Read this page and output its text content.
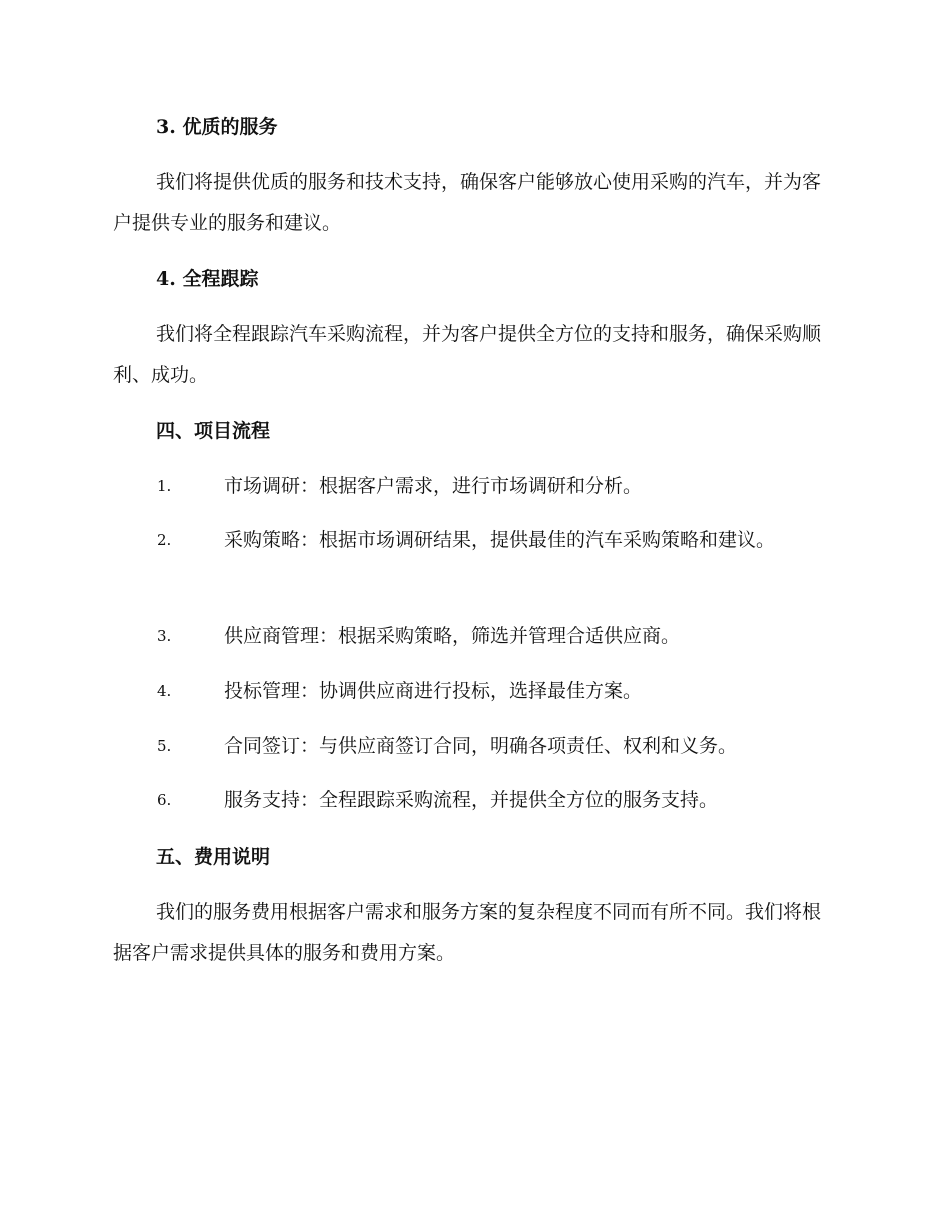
3. 优质的服务
我们将提供优质的服务和技术支持，确保客户能够放心使用采购的汽车，并为客户提供专业的服务和建议。
4. 全程跟踪
我们将全程跟踪汽车采购流程，并为客户提供全方位的支持和服务，确保采购顺利、成功。
四、项目流程
1.	市场调研：根据客户需求，进行市场调研和分析。
2.	采购策略：根据市场调研结果，提供最佳的汽车采购策略和建议。
3.	供应商管理：根据采购策略，筛选并管理合适供应商。
4.	投标管理：协调供应商进行投标，选择最佳方案。
5.	合同签订：与供应商签订合同，明确各项责任、权利和义务。
6.	服务支持：全程跟踪采购流程，并提供全方位的服务支持。
五、费用说明
我们的服务费用根据客户需求和服务方案的复杂程度不同而有所不同。我们将根据客户需求提供具体的服务和费用方案。
